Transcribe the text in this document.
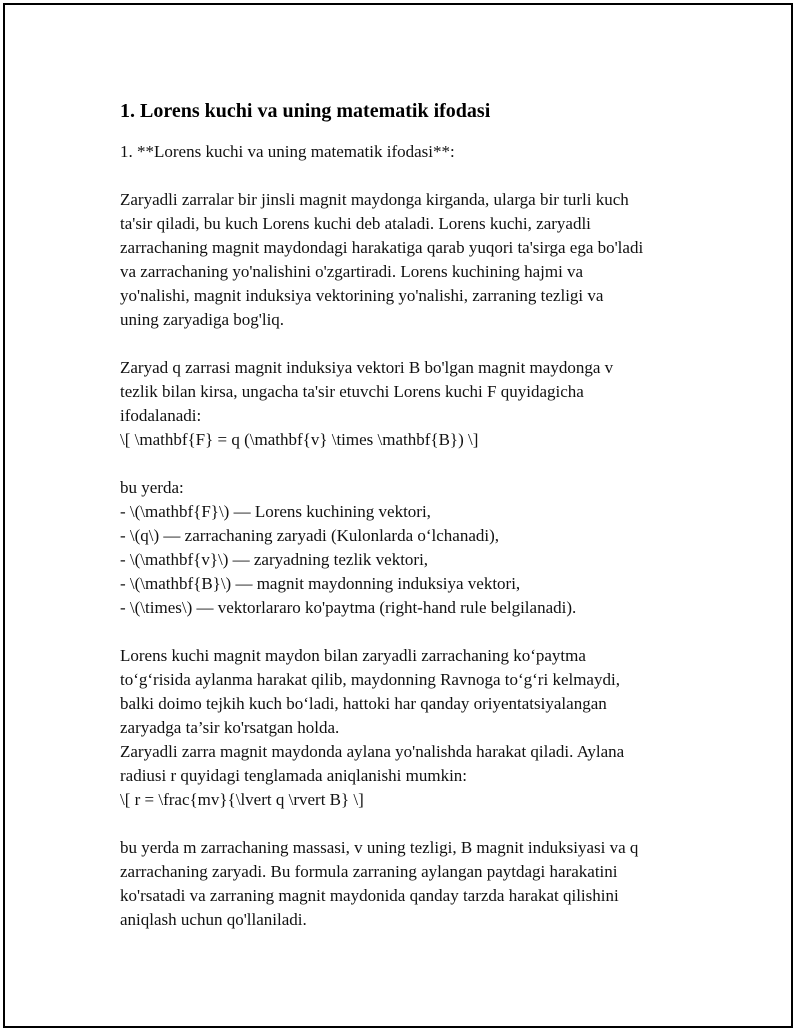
1. Lorens kuchi va uning matematik ifodasi
1. **Lorens kuchi va uning matematik ifodasi**:
Zaryadli zarralar bir jinsli magnit maydonga kirganda, ularga bir turli kuch
ta'sir qiladi, bu kuch Lorens kuchi deb ataladi. Lorens kuchi, zaryadli
zarrachaning magnit maydondagi harakatiga qarab yuqori ta'sirga ega bo'ladi
va zarrachaning yo'nalishini o'zgartiradi. Lorens kuchining hajmi va
yo'nalishi, magnit induksiya vektorining yo'nalishi, zarraning tezligi va
uning zaryadiga bog'liq.
Zaryad q zarrasi magnit induksiya vektori B bo'lgan magnit maydonga v
tezlik bilan kirsa, ungacha ta'sir etuvchi Lorens kuchi F quyidagicha
ifodalanadi:
\[ \mathbf{F} = q (\mathbf{v} \times \mathbf{B}) \]
bu yerda:
- \(\mathbf{F}\) — Lorens kuchining vektori,
- \(q\) — zarrachaning zaryadi (Kulonlarda o‘lchanadi),
- \(\mathbf{v}\) — zaryadning tezlik vektori,
- \(\mathbf{B}\) — magnit maydonning induksiya vektori,
- \(\times\) — vektorlararo ko'paytma (right-hand rule belgilanadi).
Lorens kuchi magnit maydon bilan zaryadli zarrachaning ko‘paytma
to‘g‘risida aylanma harakat qilib, maydonning Ravnoga to‘g‘ri kelmaydi,
balki doimo tejkih kuch bo‘ladi, hattoki har qanday oriyentatsiyalangan
zaryadga ta’sir ko'rsatgan holda.
Zaryadli zarra magnit maydonda aylana yo'nalishda harakat qiladi. Aylana
radiusi r quyidagi tenglamada aniqlanishi mumkin:
\[ r = \frac{mv}{\lvert q \rvert B} \]
bu yerda m zarrachaning massasi, v uning tezligi, B magnit induksiyasi va q
zarrachaning zaryadi. Bu formula zarraning aylangan paytdagi harakatini
ko'rsatadi va zarraning magnit maydonida qanday tarzda harakat qilishini
aniqlash uchun qo'llaniladi.
